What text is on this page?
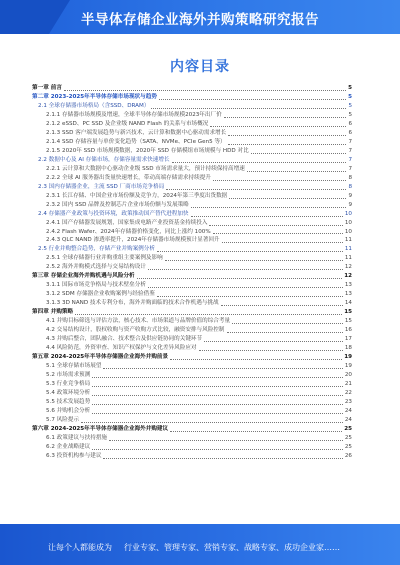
半导体存储企业海外并购策略研究报告
内容目录
第一章 前言	5
第二章 2023-2025年半导体存储市场现状与趋势	5
2.1 全球存储器市场格局（含SSD、DRAM）	5
2.1.1 存储器市场规模及增速，全球半导体存储市场规模2023年出厂价	5
2.1.2 eSSD、PC SSD 及企业级 NAND Flash 的关系与市场概况	6
2.1.3 SSD 客户端发展趋势与新兴技术，云计算和数据中心驱动需求增长	6
2.1.4 SSD 存储容量与单价变化趋势（SATA、NVMe、PCIe Gen5 等）	7
2.1.5 2020年 SSD 市场规模数据，2020年 SSD 存储模组市场规模与 HDD 对比	7
2.2 数据中心及 AI 存储市场，存储容量需求快速增长	7
2.2.1 云计算和大数据中心驱动企业级 SSD 市场需求量大，预计持续保持高增速	7
2.2.2 全球 AI 服务器出货量快速增长，带动高端存储需求持续提升	8
2.3 国内存储器企业，主流 SSD 厂商市场竞争格局	8
2.3.1 长江存储、中国企业市场份额及竞争力，2024年第三季度出货数据	9
2.3.2 国内 SSD 品牌及控制芯片企业市场份额与发展策略	9
2.4 存储器产业政策与投资环境，政策推动国产替代进程加快	10
2.4.1 国产存储器发展规划，国家集成电路产业投资基金持续投入	10
2.4.2 Flash Wafer、2024年存储器价格变化，同比上涨约 100%	10
2.4.3 QLC NAND 渗透率提升，2024年存储器市场规模预计显著回升	11
2.5 行业并购整合趋势，存储产业并购案例分析	11
2.5.1 全球存储器行业并购重组主要案例及影响	11
2.5.2 海外并购模式选择与交易结构设计	12
第三章 存储企业海外并购机遇与风险分析	12
3.1.1 国际市场竞争格局与技术壁垒分析	13
3.1.2 SDM 存储器企业收购案例与经验借鉴	13
3.1.3 3D NAND 技术专利分布，海外并购面临的技术合作机遇与挑战	14
第四章 并购策略	15
4.1 并购目标筛选与评估方法，核心技术、市场渠道与品牌价值的综合考量	15
4.2 交易结构设计，股权收购与资产收购方式比较，融资安排与风险控制	16
4.3 并购后整合，团队融合、技术整合及供应链协同的关键环节	17
4.4 风险防范，外资审查、知识产权保护与文化差异风险应对	18
第五章 2024-2025年半导体存储器企业海外并购前景	19
5.1 全球存储市场展望	19
5.2 市场需求预测	20
5.3 行业竞争格局	21
5.4 政策环境分析	22
5.5 技术发展趋势	23
5.6 并购机会分析	24
5.7 风险提示	24
第六章 2024-2025年半导体存储器企业海外并购建议	25
6.1 政策建议与扶持措施	25
6.2 企业战略建议	25
6.3 投资机构参与建议	26
让每个人都能成为 行业专家、管理专家、营销专家、战略专家、成功企业家……
